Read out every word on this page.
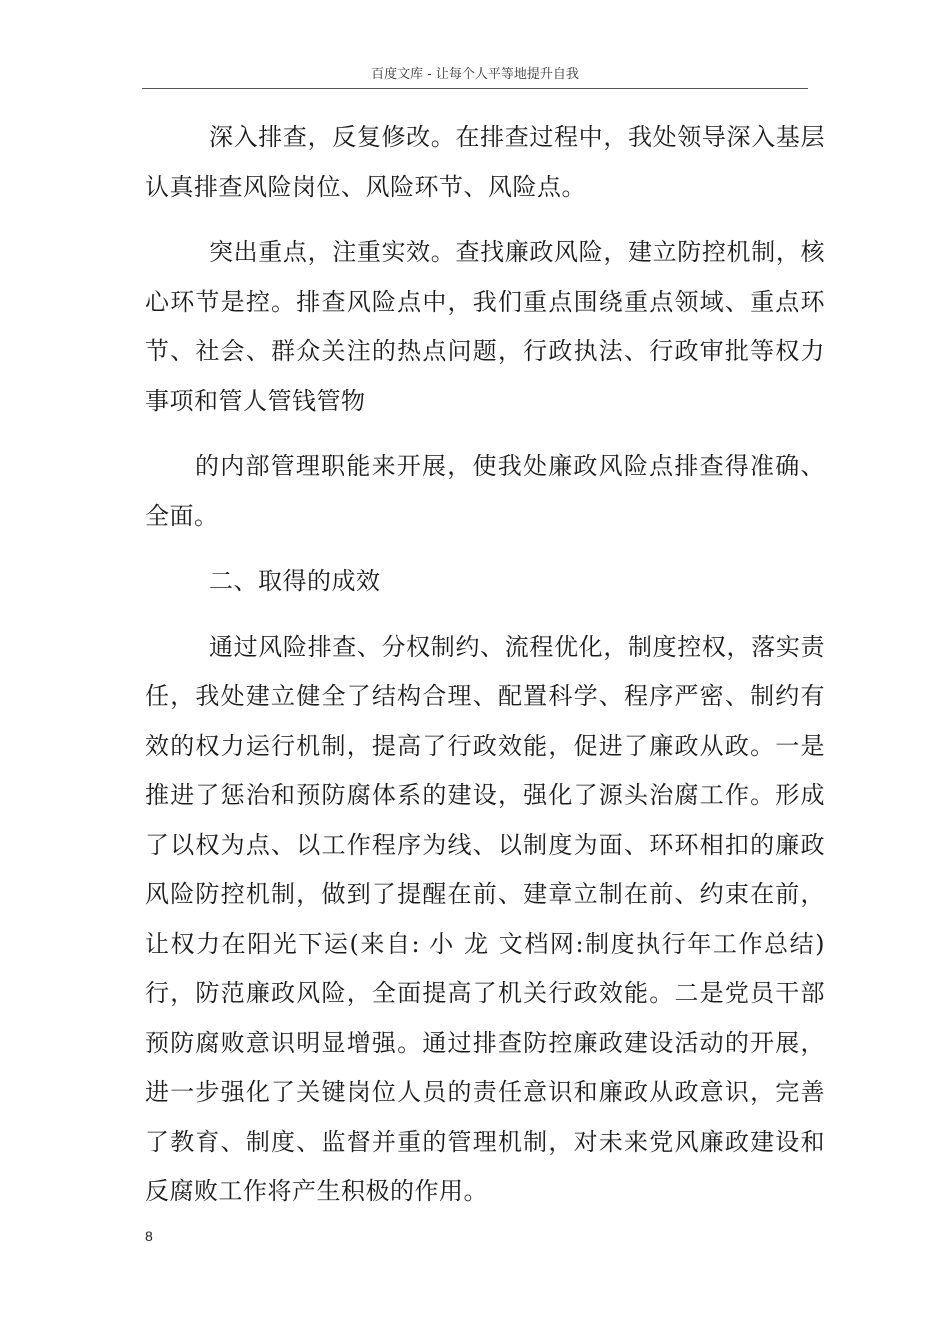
百度文库 - 让每个人平等地提升自我

深入排查，反复修改。在排查过程中，我处领导深入基层认真排查风险岗位、风险环节、风险点。

突出重点，注重实效。查找廉政风险，建立防控机制，核心环节是控。排查风险点中，我们重点围绕重点领域、重点环节、社会、群众关注的热点问题，行政执法、行政审批等权力事项和管人管钱管物

的内部管理职能来开展，使我处廉政风险点排查得准确、全面。

二、取得的成效

通过风险排查、分权制约、流程优化，制度控权，落实责任，我处建立健全了结构合理、配置科学、程序严密、制约有效的权力运行机制，提高了行政效能，促进了廉政从政。一是推进了惩治和预防腐体系的建设，强化了源头治腐工作。形成了以权为点、以工作程序为线、以制度为面、环环相扣的廉政风险防控机制，做到了提醒在前、建章立制在前、约束在前，让权力在阳光下运(来自: 小 龙 文档网:制度执行年工作总结)行，防范廉政风险，全面提高了机关行政效能。二是党员干部预防腐败意识明显增强。通过排查防控廉政建设活动的开展，进一步强化了关键岗位人员的责任意识和廉政从政意识，完善了教育、制度、监督并重的管理机制，对未来党风廉政建设和反腐败工作将产生积极的作用。

8
